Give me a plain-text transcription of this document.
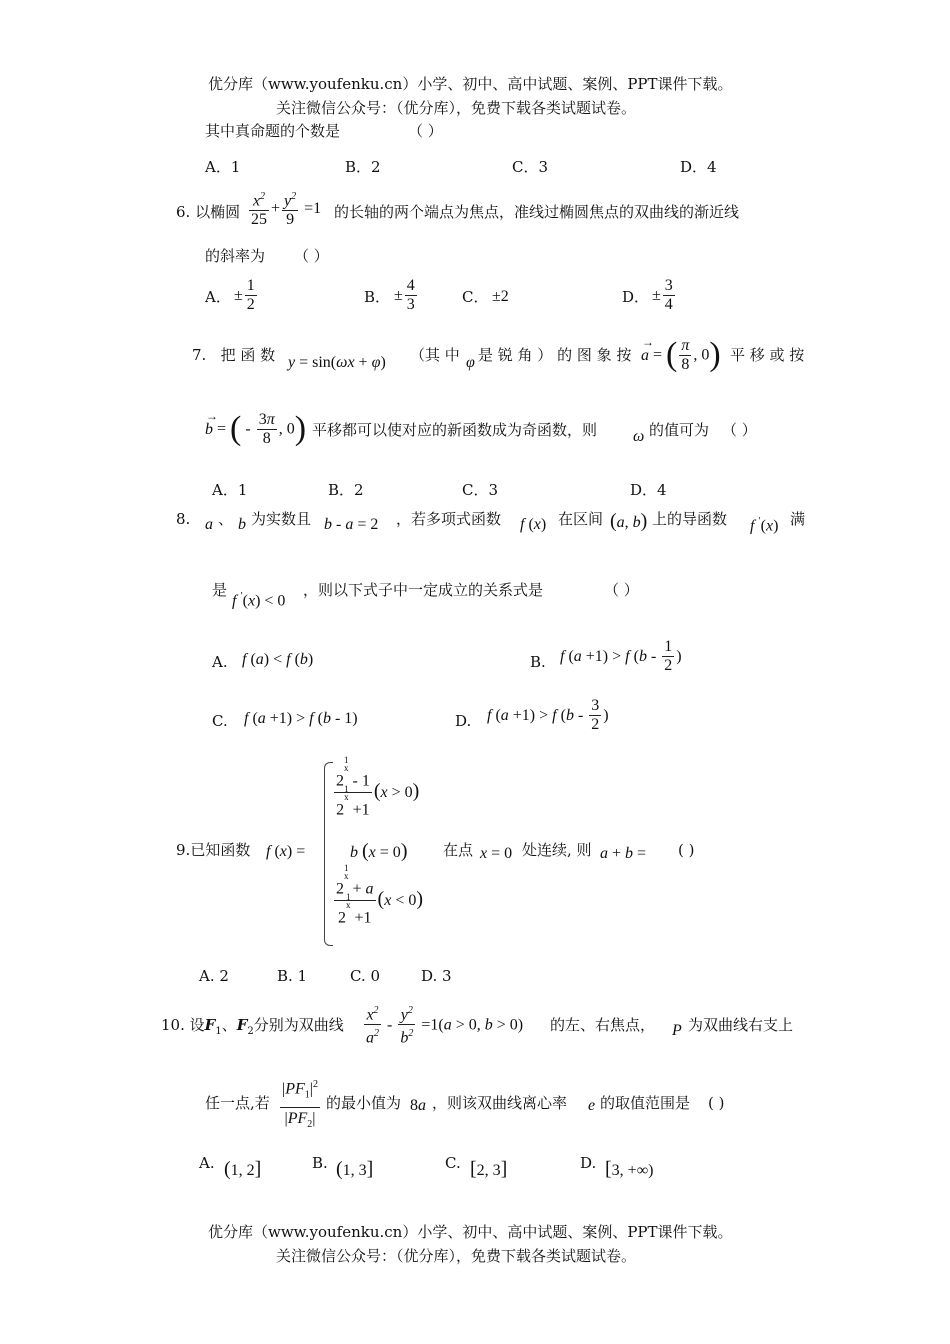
优分库（www.youfenku.cn）小学、初中、高中试题、案例、PPT课件下载。
关注微信公众号：（优分库），免费下载各类试题试卷。
其中真命题的个数是	（ ）
A．1	B．2	C．3	D．4
6. 以椭圆 $\frac{x^2}{25} + \frac{y^2}{9} =1$ 的长轴的两个端点为焦点，准线过椭圆焦点的双曲线的渐近线
的斜率为 （ ）
A． ± $\frac{1}{2}$	B． ± $\frac{4}{3}$	C． ±2	D． ± $\frac{3}{4}$
7. 把 函 数 y = sin(ωx + φ) （其 中 φ 是 锐 角 ） 的 图 象 按 a
→
= ( $\frac{\pi}{8}$ , 0) 平 移 或 按
b
→
= ( - $\frac{3\pi}{8}$ , 0) 平移都可以使对应的新函数成为奇函数，则 ω 的值可为 （ ）
A．1	B．2	C．3	D．4
8. a 、 b 为实数且 b - a = 2 ，若多项式函数 f (x) 在区间 (a, b) 上的导函数 f ′(x) 满
是
f ′(x) < 0
，则以下式子中一定成立的关系式是	（ ）
A. f (a) < f (b)	B. f (a +1) > f ($b - \frac{1}{2}$ )
C. f (a +1) > f (b - 1)	D. f (a +1) > f ($b - \frac{3}{2}$ )
9.已知函数 f (x) =
$2^{1 x} - 1$
$2^{1 x} +1$
(x > 0)
b (x = 0)
$2^{1 x} + a$
$2^{1 x} +1$
(x < 0)
在点 x = 0 处连续, 则 a + b = ( )
A. 2	B. 1	C. 0	D. 3
10. 设$F_1$、$F_2$分别为双曲线 $\frac{x^2}{a^2} - \frac{y^2}{b^2} =1(a > 0$, b > 0) 的左、右焦点， P 为双曲线右支上
任一点,若 $\frac{|PF_1|^2}{|PF_2|}$ 的最小值为 8a ，则该双曲线离心率 e 的取值范围是 ( )
A. (1, 2]	B. (1, 3]	C. [2, 3]	D. [3, +∞)
优分库（www.youfenku.cn）小学、初中、高中试题、案例、PPT课件下载。
关注微信公众号：（优分库），免费下载各类试题试卷。
